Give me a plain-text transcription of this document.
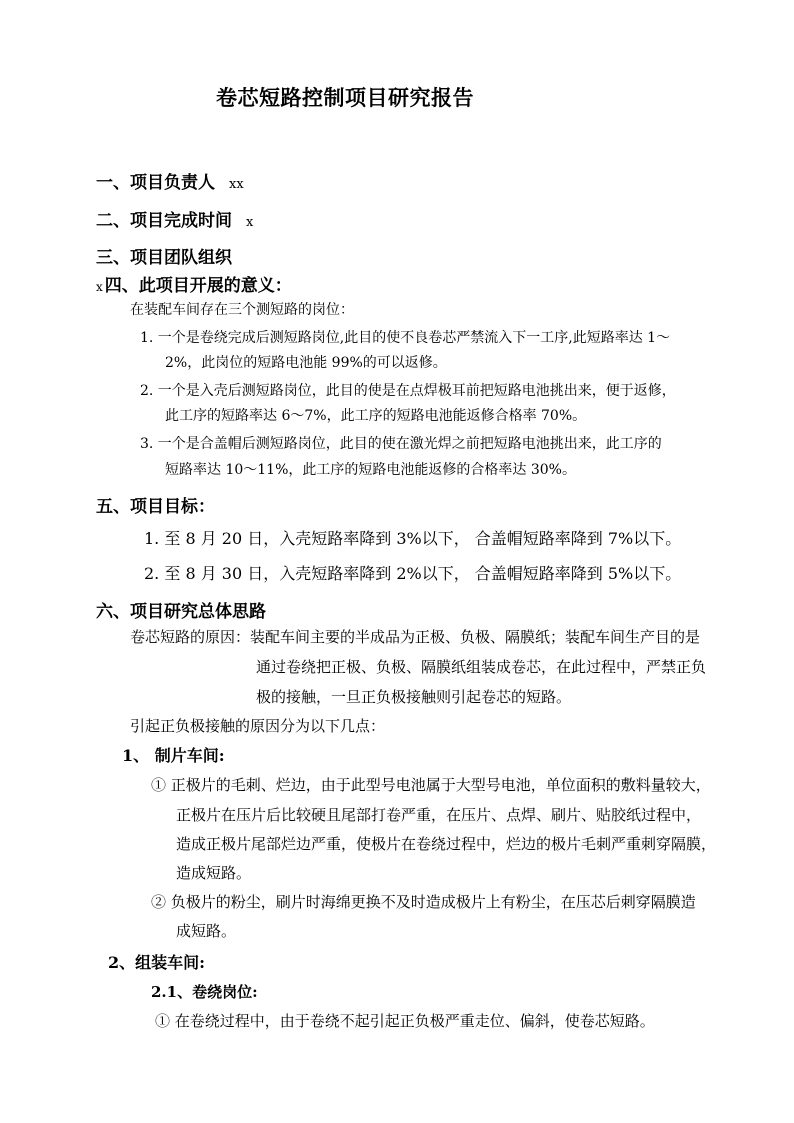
卷芯短路控制项目研究报告
一、项目负责人 xx
二、项目完成时间 x
三、项目团队组织
x 四、此项目开展的意义：
在装配车间存在三个测短路的岗位：
1. 一个是卷绕完成后测短路岗位,此目的使不良卷芯严禁流入下一工序,此短路率达 1～
2%，此岗位的短路电池能 99%的可以返修。
2. 一个是入壳后测短路岗位，此目的使是在点焊极耳前把短路电池挑出来，便于返修，
此工序的短路率达 6～7%，此工序的短路电池能返修合格率 70%。
3. 一个是合盖帽后测短路岗位，此目的使在激光焊之前把短路电池挑出来，此工序的
短路率达 10～11%，此工序的短路电池能返修的合格率达 30%。
五、项目目标：
1. 至 8 月 20 日，入壳短路率降到 3%以下， 合盖帽短路率降到 7%以下。
2. 至 8 月 30 日，入壳短路率降到 2%以下， 合盖帽短路率降到 5%以下。
六、项目研究总体思路
卷芯短路的原因：装配车间主要的半成品为正极、负极、隔膜纸；装配车间生产目的是
通过卷绕把正极、负极、隔膜纸组装成卷芯，在此过程中，严禁正负
极的接触，一旦正负极接触则引起卷芯的短路。
引起正负极接触的原因分为以下几点：
1、 制片车间:
① 正极片的毛刺、烂边，由于此型号电池属于大型号电池，单位面积的敷料量较大，
正极片在压片后比较硬且尾部打卷严重，在压片、点焊、刷片、贴胶纸过程中，
造成正极片尾部烂边严重，使极片在卷绕过程中，烂边的极片毛刺严重刺穿隔膜，
造成短路。
② 负极片的粉尘，刷片时海绵更换不及时造成极片上有粉尘，在压芯后刺穿隔膜造
成短路。
2、组装车间:
2.1、卷绕岗位:
① 在卷绕过程中，由于卷绕不起引起正负极严重走位、偏斜，使卷芯短路。
